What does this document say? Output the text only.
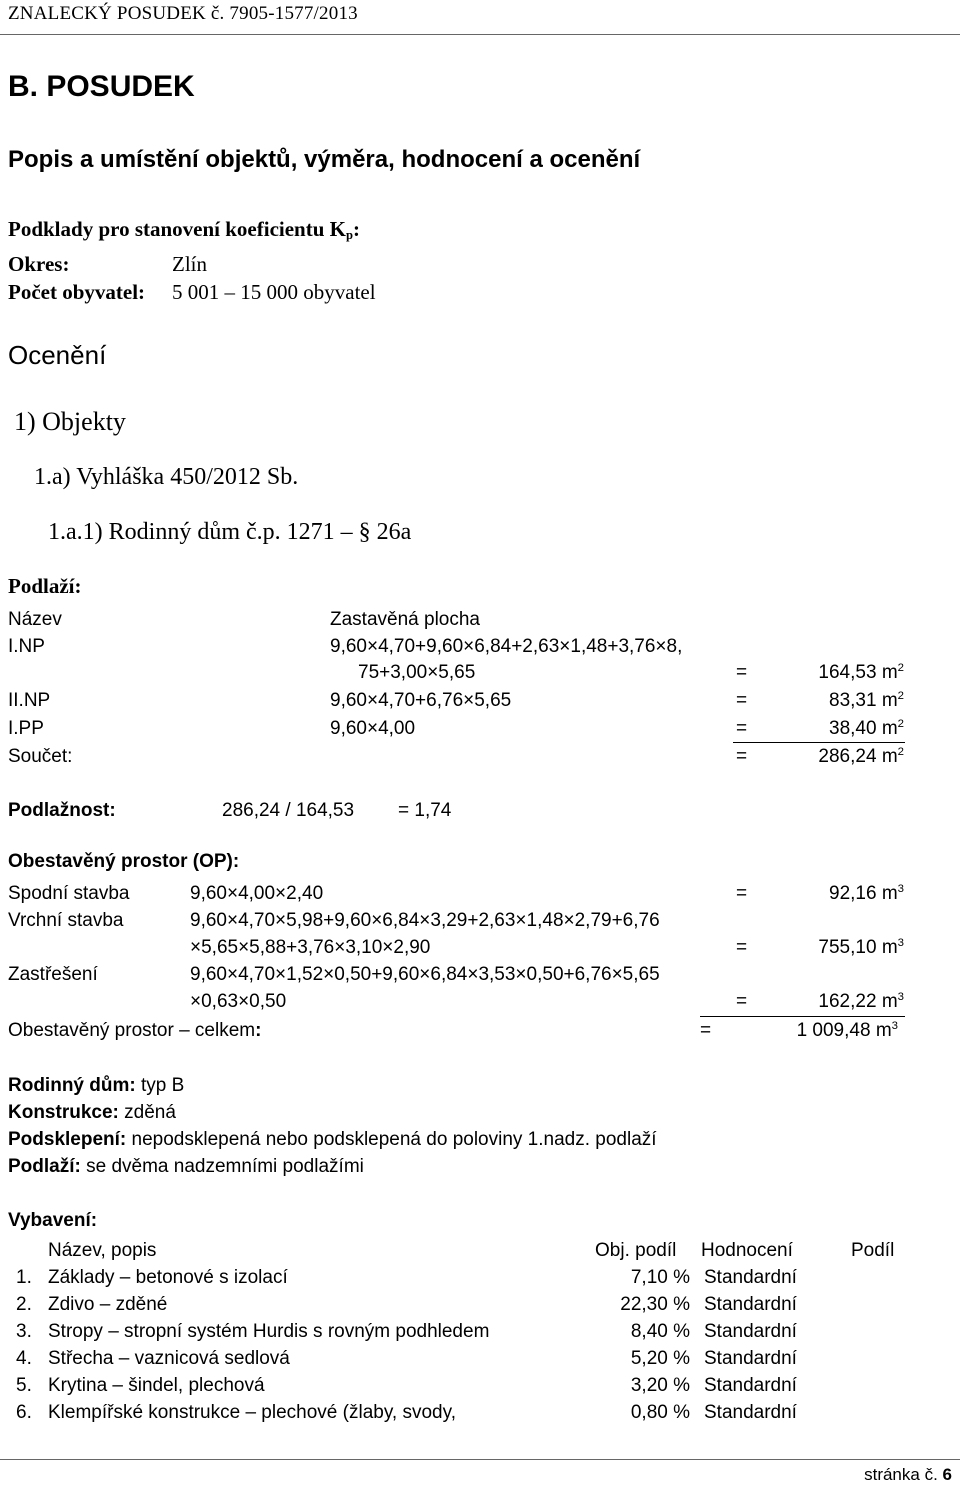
ZNALECKÝ POSUDEK č. 7905-1577/2013
B. POSUDEK
Popis a umístění objektů, výměra, hodnocení a ocenění
Podklady pro stanovení koeficientu $K_p$:
Okres:	Zlín
Počet obyvatel: 5 001 – 15 000 obyvatel
Ocenění
1) Objekty
1.a) Vyhláška 450/2012 Sb.
1.a.1) Rodinný dům č.p. 1271 – § 26a
Podlaží:
Název	Zastavěná plocha
I.NP	9,60×4,70+9,60×6,84+2,63×1,48+3,76×8,
75+3,00×5,65	=	164,53 $m^2$
II.NP	9,60×4,70+6,76×5,65	=	83,31 $m^2$
I.PP	9,60×4,00	=	38,40 $m^2$
Součet:	=	286,24 $m^2$
Podlažnost:	286,24 / 164,53 = 1,74
Obestavěný prostor (OP):
Spodní stavba	9,60×4,00×2,40	=	92,16 $m^3$
Vrchní stavba	9,60×4,70×5,98+9,60×6,84×3,29+2,63×1,48×2,79+6,76
×5,65×5,88+3,76×3,10×2,90	=	755,10 $m^3$
Zastřešení	9,60×4,70×1,52×0,50+9,60×6,84×3,53×0,50+6,76×5,65
×0,63×0,50	=	162,22 $m^3$
Obestavěný prostor – celkem:	=	1 009,48 $m^3$
Rodinný dům: typ B
Konstrukce: zděná
Podsklepení: nepodsklepená nebo podsklepená do poloviny 1.nadz. podlaží
Podlaží: se dvěma nadzemními podlažími
Vybavení:
Název, popis	Obj. podíl Hodnocení	Podíl
1. Základy – betonové s izolací	7,10 % Standardní
2. Zdivo – zděné	22,30 % Standardní
3. Stropy – stropní systém Hurdis s rovným podhledem	8,40 % Standardní
4. Střecha – vaznicová sedlová	5,20 % Standardní
5. Krytina – šindel, plechová	3,20 % Standardní
6. Klempířské konstrukce – plechové (žlaby, svody,	0,80 % Standardní
stránka č. 6
